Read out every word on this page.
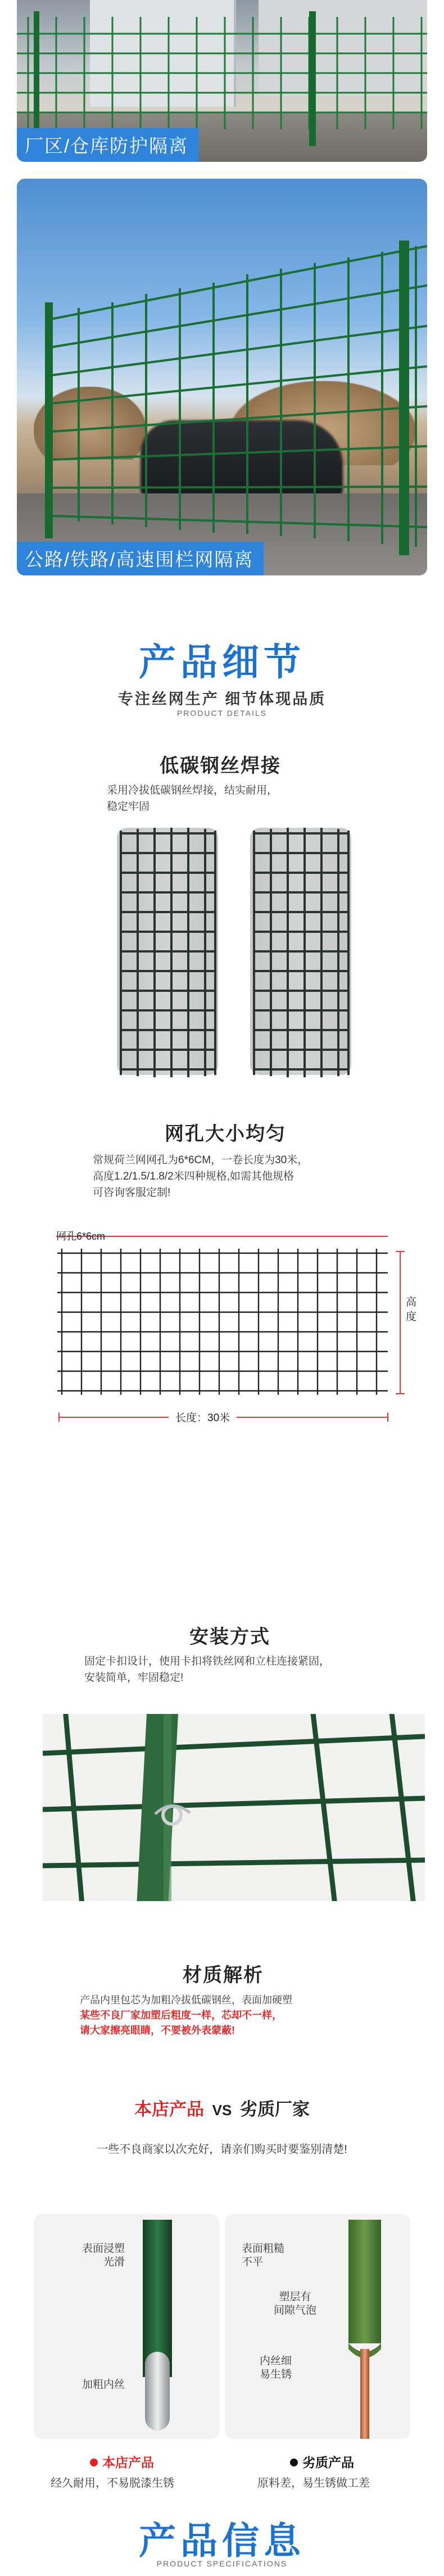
厂区/仓库防护隔离
公路/铁路/高速围栏网隔离
产品细节
专注丝网生产 细节体现品质
PRODUCT DETAILS
低碳钢丝焊接
采用冷拔低碳钢丝焊接，结实耐用，
稳定牢固
网孔大小均匀
常规荷兰网网孔为6*6CM，一卷长度为30米，
高度1.2/1.5/1.8/2米四种规格,如需其他规格
可咨询客服定制!
网孔6*6cm
高度
长度：30米
安装方式
固定卡扣设计，使用卡扣将铁丝网和立柱连接紧固，
安装简单，牢固稳定!
材质解析
产品内里包芯为加粗冷拔低碳钢丝，表面加硬塑
某些不良厂家加塑后粗度一样，芯却不一样，
请大家擦亮眼睛，不要被外表蒙蔽!
本店产品 VS 劣质厂家
一些不良商家以次充好，请亲们购买时要鉴别清楚!
表面浸塑
光滑
加粗内丝
表面粗糙
不平
塑层有
间隙气泡
内丝细
易生锈
本店产品
经久耐用，不易脱漆生锈
劣质产品
原料差，易生锈做工差
产品信息
PRODUCT SPECIFICATIONS
